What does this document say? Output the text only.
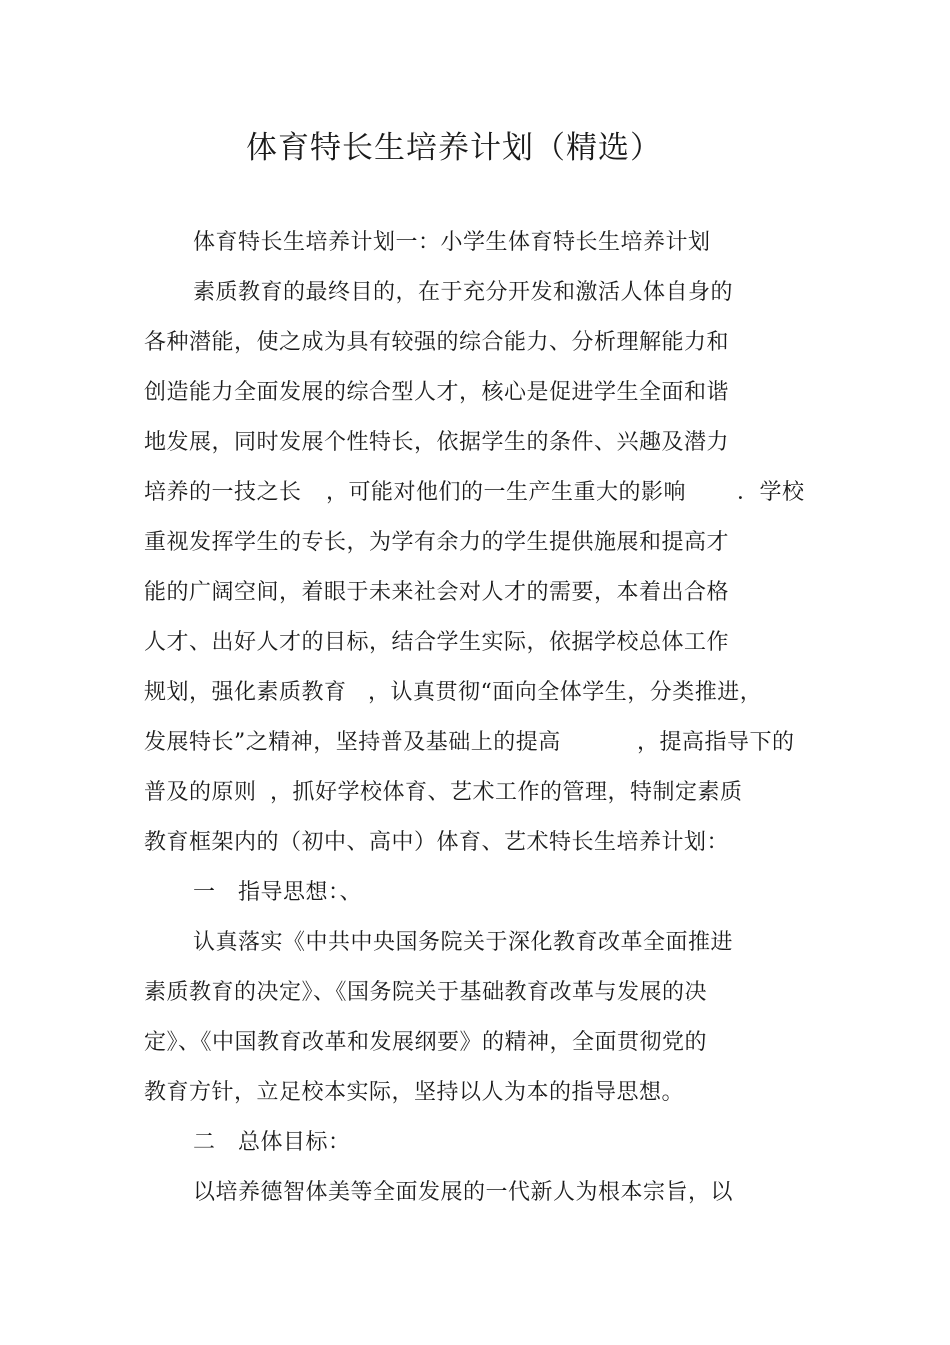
体育特长生培养计划（精选）
体育特长生培养计划一：小学生体育特长生培养计划
素质教育的最终目的，在于充分开发和激活人体自身的
各种潜能，使之成为具有较强的综合能力、分析理解能力和
创造能力全面发展的综合型人才，核心是促进学生全面和谐
地发展，同时发展个性特长，依据学生的条件、兴趣及潜力
培养的一技之长 ，可能对他们的一生产生重大的影响 ．学校
重视发挥学生的专长，为学有余力的学生提供施展和提高才
能的广阔空间，着眼于未来社会对人才的需要，本着出合格
人才、出好人才的目标，结合学生实际，依据学校总体工作
规划，强化素质教育 ，认真贯彻“面向全体学生，分类推进，
发展特长”之精神，坚持普及基础上的提高	，提高指导下的
普及的原则 ，抓好学校体育、艺术工作的管理，特制定素质
教育框架内的（初中、高中）体育、艺术特长生培养计划：
一　指导思想：、
认真落实《中共中央国务院关于深化教育改革全面推进
素质教育的决定》、《国务院关于基础教育改革与发展的决
定》、《中国教育改革和发展纲要》的精神，全面贯彻党的
教育方针，立足校本实际，坚持以人为本的指导思想。
二　总体目标：
以培养德智体美等全面发展的一代新人为根本宗旨，以
